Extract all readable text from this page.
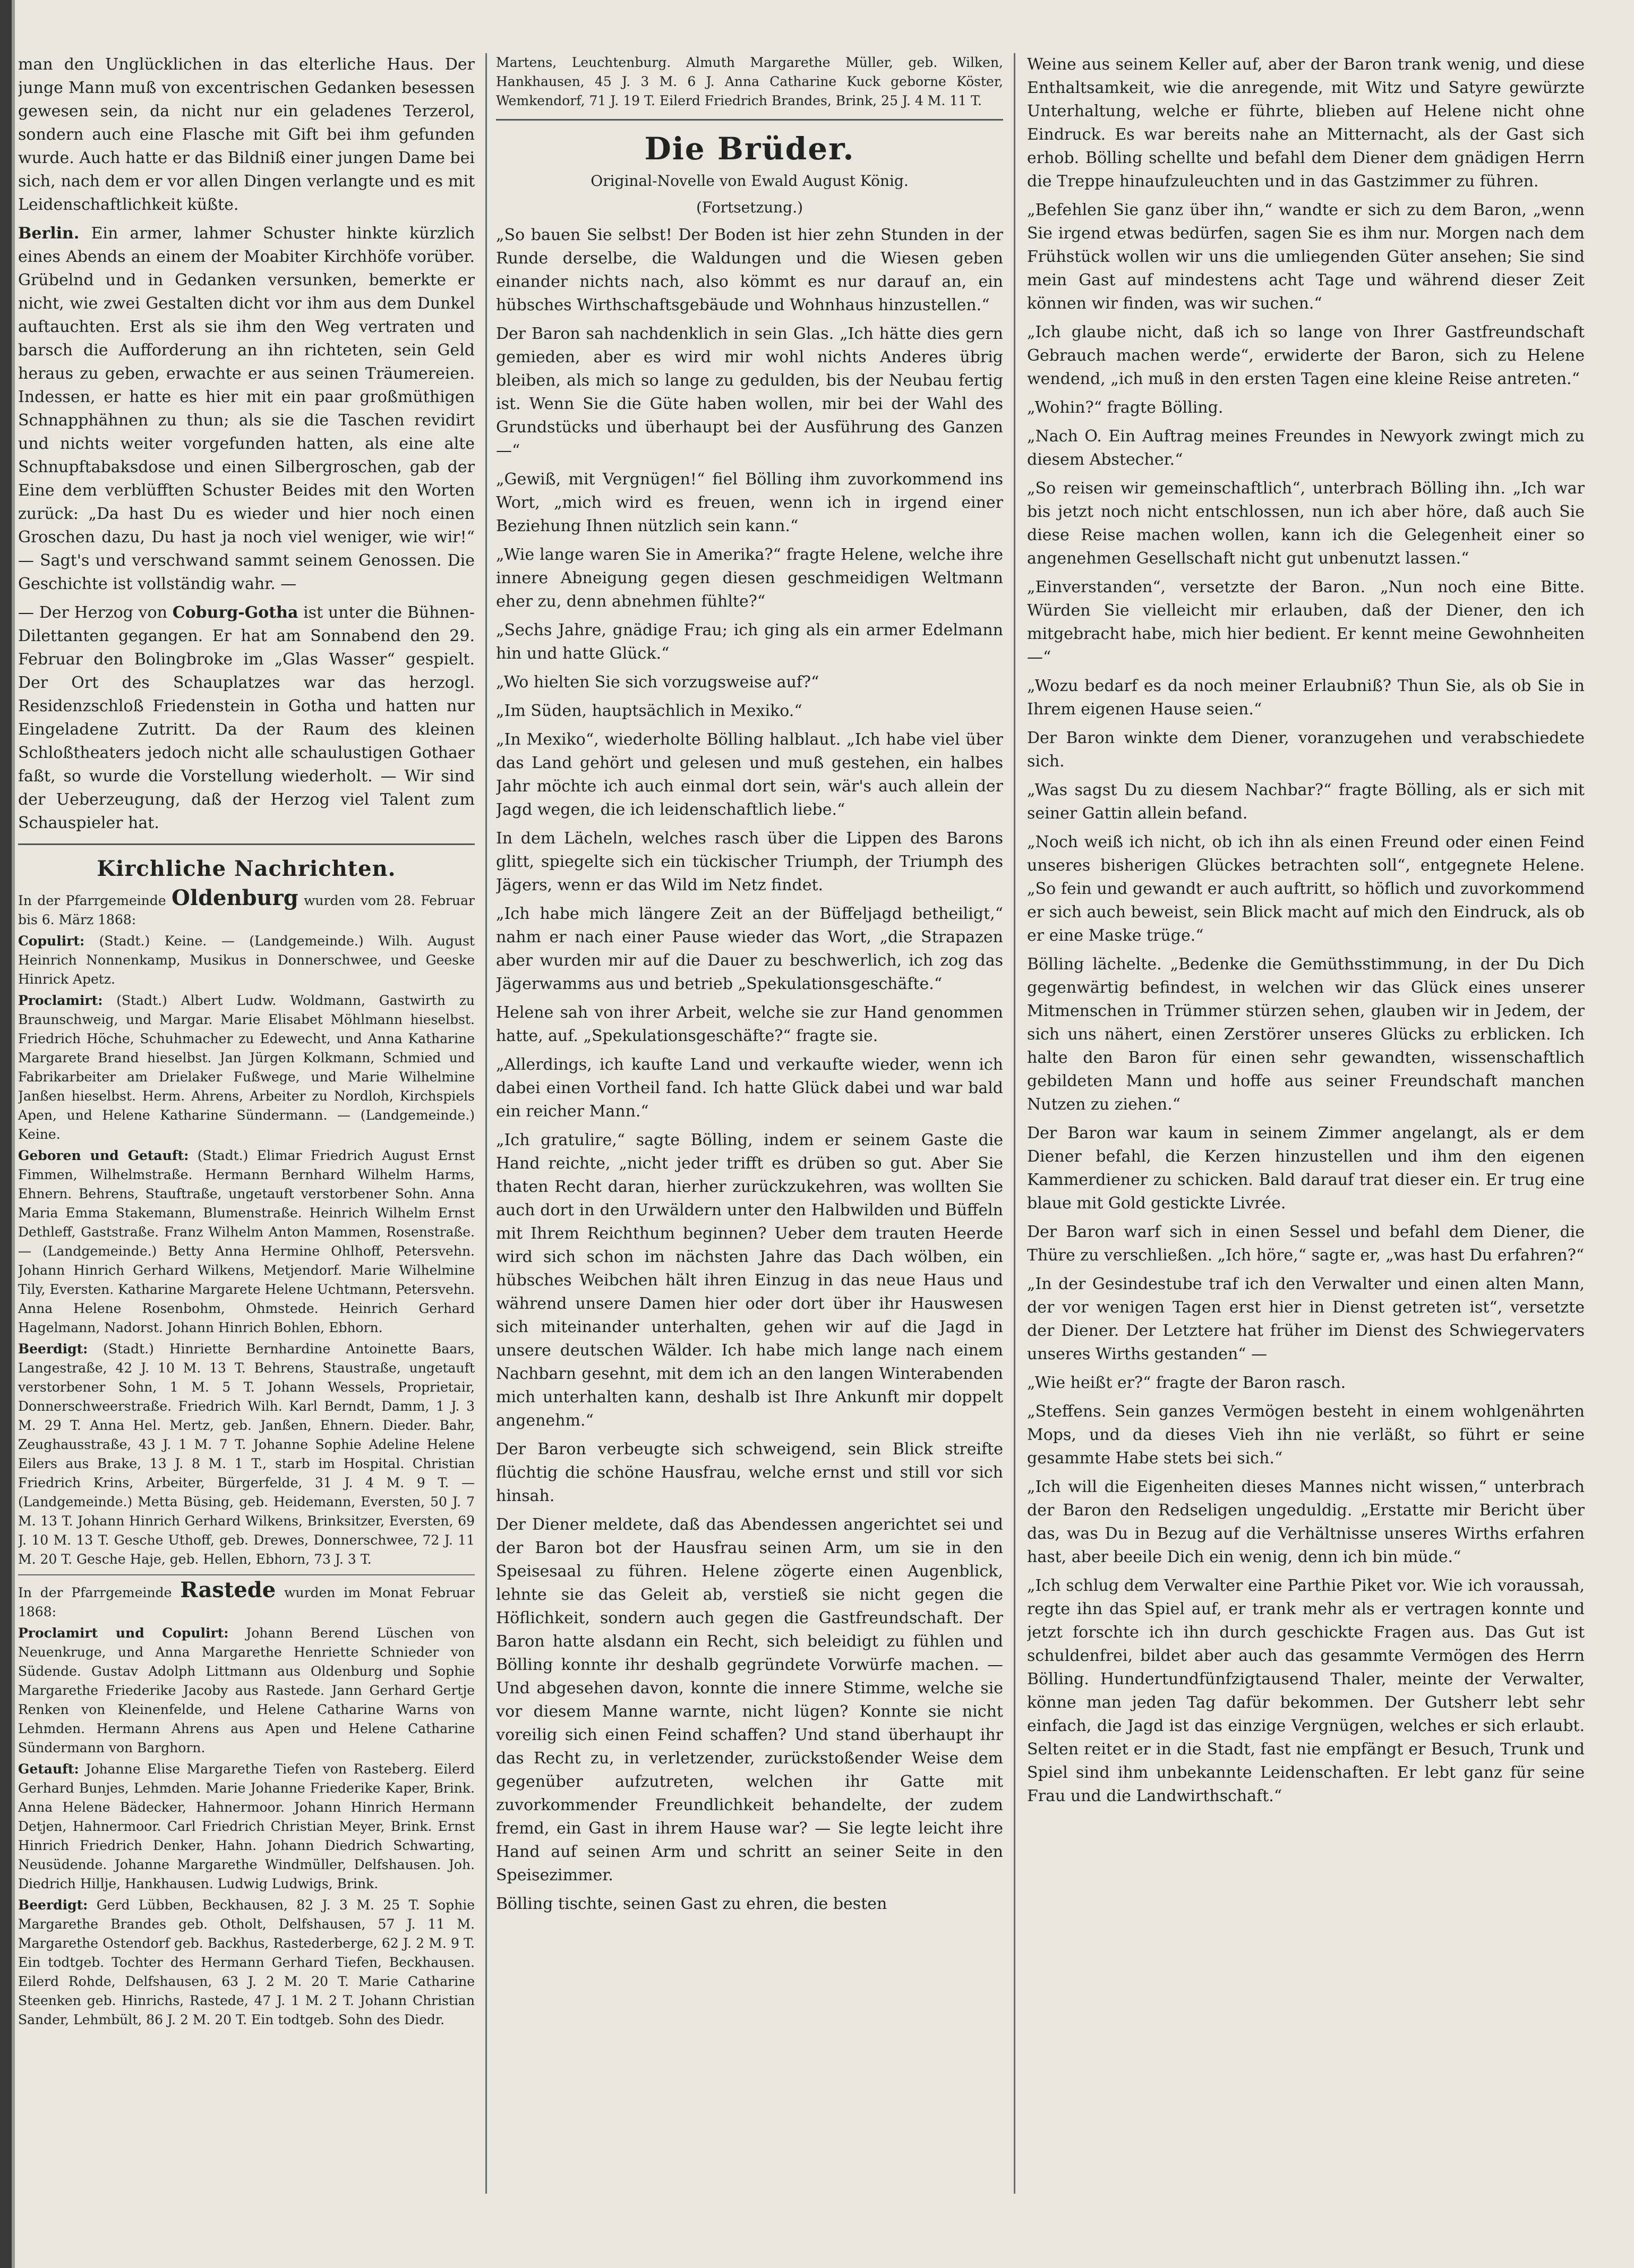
man den Unglücklichen in das elterliche Haus. Der junge Mann muß von excentrischen Gedanken besessen gewesen sein, da nicht nur ein geladenes Terzerol, sondern auch eine Flasche mit Gift bei ihm gefunden wurde. Auch hatte er das Bildniß einer jungen Dame bei sich, nach dem er vor allen Dingen verlangte und es mit Leidenschaftlichkeit küßte.

Berlin. Ein armer, lahmer Schuster hinkte kürzlich eines Abends an einem der Moabiter Kirchhöfe vorüber. Grübelnd und in Gedanken versunken, bemerkte er nicht, wie zwei Gestalten dicht vor ihm aus dem Dunkel auftauchten. Erst als sie ihm den Weg vertraten und barsch die Aufforderung an ihn richteten, sein Geld heraus zu geben, erwachte er aus seinen Träumereien. Indessen, er hatte es hier mit ein paar großmüthigen Schnapphähnen zu thun; als sie die Taschen revidirt und nichts weiter vorgefunden hatten, als eine alte Schnupftabaksdose und einen Silbergroschen, gab der Eine dem verblüfften Schuster Beides mit den Worten zurück: „Da hast Du es wieder und hier noch einen Groschen dazu, Du hast ja noch viel weniger, wie wir!“ — Sagt's und verschwand sammt seinem Genossen. Die Geschichte ist vollständig wahr. —

— Der Herzog von Coburg-Gotha ist unter die Bühnen-Dilettanten gegangen. Er hat am Sonnabend den 29. Februar den Bolingbroke im „Glas Wasser“ gespielt. Der Ort des Schauplatzes war das herzogl. Residenzschloß Friedenstein in Gotha und hatten nur Eingeladene Zutritt. Da der Raum des kleinen Schloßtheaters jedoch nicht alle schaulustigen Gothaer faßt, so wurde die Vorstellung wiederholt. — Wir sind der Ueberzeugung, daß der Herzog viel Talent zum Schauspieler hat.

Kirchliche Nachrichten.

In der Pfarrgemeinde Oldenburg wurden vom 28. Februar bis 6. März 1868:

Copulirt: (Stadt.) Keine. — (Landgemeinde.) Wilh. August Heinrich Nonnenkamp, Musikus in Donnerschwee, und Geeske Hinrick Apetz.

Proclamirt: (Stadt.) Albert Ludw. Woldmann, Gastwirth zu Braunschweig, und Margar. Marie Elisabet Möhlmann hieselbst. Friedrich Höche, Schuhmacher zu Edewecht, und Anna Katharine Margarete Brand hieselbst. Jan Jürgen Kolkmann, Schmied und Fabrikarbeiter am Drielaker Fußwege, und Marie Wilhelmine Janßen hieselbst. Herm. Ahrens, Arbeiter zu Nordloh, Kirchspiels Apen, und Helene Katharine Sündermann. — (Landgemeinde.) Keine.

Geboren und Getauft: (Stadt.) Elimar Friedrich August Ernst Fimmen, Wilhelmstraße. Hermann Bernhard Wilhelm Harms, Ehnern. Behrens, Stauftraße, ungetauft verstorbener Sohn. Anna Maria Emma Stakemann, Blumenstraße. Heinrich Wilhelm Ernst Dethleff, Gaststraße. Franz Wilhelm Anton Mammen, Rosenstraße. — (Landgemeinde.) Betty Anna Hermine Ohlhoff, Petersvehn. Johann Hinrich Gerhard Wilkens, Metjendorf. Marie Wilhelmine Tily, Eversten. Katharine Margarete Helene Uchtmann, Petersvehn. Anna Helene Rosenbohm, Ohmstede. Heinrich Gerhard Hagelmann, Nadorst. Johann Hinrich Bohlen, Ebhorn.

Beerdigt: (Stadt.) Hinriette Bernhardine Antoinette Baars, Langestraße, 42 J. 10 M. 13 T. Behrens, Staustraße, ungetauft verstorbener Sohn, 1 M. 5 T. Johann Wessels, Proprietair, Donnerschweerstraße. Friedrich Wilh. Karl Berndt, Damm, 1 J. 3 M. 29 T. Anna Hel. Mertz, geb. Janßen, Ehnern. Dieder. Bahr, Zeughausstraße, 43 J. 1 M. 7 T. Johanne Sophie Adeline Helene Eilers aus Brake, 13 J. 8 M. 1 T., starb im Hospital. Christian Friedrich Krins, Arbeiter, Bürgerfelde, 31 J. 4 M. 9 T. — (Landgemeinde.) Metta Büsing, geb. Heidemann, Eversten, 50 J. 7 M. 13 T. Johann Hinrich Gerhard Wilkens, Brinksitzer, Eversten, 69 J. 10 M. 13 T. Gesche Uthoff, geb. Drewes, Donnerschwee, 72 J. 11 M. 20 T. Gesche Haje, geb. Hellen, Ebhorn, 73 J. 3 T.

In der Pfarrgemeinde Rastede wurden im Monat Februar 1868:

Proclamirt und Copulirt: Johann Berend Lüschen von Neuenkruge, und Anna Margarethe Henriette Schnieder von Südende. Gustav Adolph Littmann aus Oldenburg und Sophie Margarethe Friederike Jacoby aus Rastede. Jann Gerhard Gertje Renken von Kleinenfelde, und Helene Catharine Warns von Lehmden. Hermann Ahrens aus Apen und Helene Catharine Sündermann von Barghorn.

Getauft: Johanne Elise Margarethe Tiefen von Rasteberg. Eilerd Gerhard Bunjes, Lehmden. Marie Johanne Friederike Kaper, Brink. Anna Helene Bädecker, Hahnermoor. Johann Hinrich Hermann Detjen, Hahnermoor. Carl Friedrich Christian Meyer, Brink. Ernst Hinrich Friedrich Denker, Hahn. Johann Diedrich Schwarting, Neusüdende. Johanne Margarethe Windmüller, Delfshausen. Joh. Diedrich Hillje, Hankhausen. Ludwig Ludwigs, Brink.

Beerdigt: Gerd Lübben, Beckhausen, 82 J. 3 M. 25 T. Sophie Margarethe Brandes geb. Otholt, Delfshausen, 57 J. 11 M. Margarethe Ostendorf geb. Backhus, Rastederberge, 62 J. 2 M. 9 T. Ein todtgeb. Tochter des Hermann Gerhard Tiefen, Beckhausen. Eilerd Rohde, Delfshausen, 63 J. 2 M. 20 T. Marie Catharine Steenken geb. Hinrichs, Rastede, 47 J. 1 M. 2 T. Johann Christian Sander, Lehmbült, 86 J. 2 M. 20 T. Ein todtgeb. Sohn des Diedr.

Martens, Leuchtenburg. Almuth Margarethe Müller, geb. Wilken, Hankhausen, 45 J. 3 M. 6 J. Anna Catharine Kuck geborne Köster, Wemkendorf, 71 J. 19 T. Eilerd Friedrich Brandes, Brink, 25 J. 4 M. 11 T.

Die Brüder.

Original-Novelle von Ewald August König.

(Fortsetzung.)

„So bauen Sie selbst! Der Boden ist hier zehn Stunden in der Runde derselbe, die Waldungen und die Wiesen geben einander nichts nach, also kömmt es nur darauf an, ein hübsches Wirthschaftsgebäude und Wohnhaus hinzustellen.“

Der Baron sah nachdenklich in sein Glas. „Ich hätte dies gern gemieden, aber es wird mir wohl nichts Anderes übrig bleiben, als mich so lange zu gedulden, bis der Neubau fertig ist. Wenn Sie die Güte haben wollen, mir bei der Wahl des Grundstücks und überhaupt bei der Ausführung des Ganzen —“

„Gewiß, mit Vergnügen!“ fiel Bölling ihm zuvorkommend ins Wort, „mich wird es freuen, wenn ich in irgend einer Beziehung Ihnen nützlich sein kann.“

„Wie lange waren Sie in Amerika?“ fragte Helene, welche ihre innere Abneigung gegen diesen geschmeidigen Weltmann eher zu, denn abnehmen fühlte?“

„Sechs Jahre, gnädige Frau; ich ging als ein armer Edelmann hin und hatte Glück.“

„Wo hielten Sie sich vorzugsweise auf?“

„Im Süden, hauptsächlich in Mexiko.“

„In Mexiko“, wiederholte Bölling halblaut. „Ich habe viel über das Land gehört und gelesen und muß gestehen, ein halbes Jahr möchte ich auch einmal dort sein, wär's auch allein der Jagd wegen, die ich leidenschaftlich liebe.“

In dem Lächeln, welches rasch über die Lippen des Barons glitt, spiegelte sich ein tückischer Triumph, der Triumph des Jägers, wenn er das Wild im Netz findet.

„Ich habe mich längere Zeit an der Büffeljagd betheiligt,“ nahm er nach einer Pause wieder das Wort, „die Strapazen aber wurden mir auf die Dauer zu beschwerlich, ich zog das Jägerwamms aus und betrieb „Spekulationsgeschäfte.“

Helene sah von ihrer Arbeit, welche sie zur Hand genommen hatte, auf. „Spekulationsgeschäfte?“ fragte sie.

„Allerdings, ich kaufte Land und verkaufte wieder, wenn ich dabei einen Vortheil fand. Ich hatte Glück dabei und war bald ein reicher Mann.“

„Ich gratulire,“ sagte Bölling, indem er seinem Gaste die Hand reichte, „nicht jeder trifft es drüben so gut. Aber Sie thaten Recht daran, hierher zurückzukehren, was wollten Sie auch dort in den Urwäldern unter den Halbwilden und Büffeln mit Ihrem Reichthum beginnen? Ueber dem trauten Heerde wird sich schon im nächsten Jahre das Dach wölben, ein hübsches Weibchen hält ihren Einzug in das neue Haus und während unsere Damen hier oder dort über ihr Hauswesen sich miteinander unterhalten, gehen wir auf die Jagd in unsere deutschen Wälder. Ich habe mich lange nach einem Nachbarn gesehnt, mit dem ich an den langen Winterabenden mich unterhalten kann, deshalb ist Ihre Ankunft mir doppelt angenehm.“

Der Baron verbeugte sich schweigend, sein Blick streifte flüchtig die schöne Hausfrau, welche ernst und still vor sich hinsah.

Der Diener meldete, daß das Abendessen angerichtet sei und der Baron bot der Hausfrau seinen Arm, um sie in den Speisesaal zu führen. Helene zögerte einen Augenblick, lehnte sie das Geleit ab, verstieß sie nicht gegen die Höflichkeit, sondern auch gegen die Gastfreundschaft. Der Baron hatte alsdann ein Recht, sich beleidigt zu fühlen und Bölling konnte ihr deshalb gegründete Vorwürfe machen. — Und abgesehen davon, konnte die innere Stimme, welche sie vor diesem Manne warnte, nicht lügen? Konnte sie nicht voreilig sich einen Feind schaffen? Und stand überhaupt ihr das Recht zu, in verletzender, zurückstoßender Weise dem gegenüber aufzutreten, welchen ihr Gatte mit zuvorkommender Freundlichkeit behandelte, der zudem fremd, ein Gast in ihrem Hause war? — Sie legte leicht ihre Hand auf seinen Arm und schritt an seiner Seite in den Speisezimmer.

Bölling tischte, seinen Gast zu ehren, die besten

Weine aus seinem Keller auf, aber der Baron trank wenig, und diese Enthaltsamkeit, wie die anregende, mit Witz und Satyre gewürzte Unterhaltung, welche er führte, blieben auf Helene nicht ohne Eindruck. Es war bereits nahe an Mitternacht, als der Gast sich erhob. Bölling schellte und befahl dem Diener dem gnädigen Herrn die Treppe hinaufzuleuchten und in das Gastzimmer zu führen.

„Befehlen Sie ganz über ihn,“ wandte er sich zu dem Baron, „wenn Sie irgend etwas bedürfen, sagen Sie es ihm nur. Morgen nach dem Frühstück wollen wir uns die umliegenden Güter ansehen; Sie sind mein Gast auf mindestens acht Tage und während dieser Zeit können wir finden, was wir suchen.“

„Ich glaube nicht, daß ich so lange von Ihrer Gastfreundschaft Gebrauch machen werde“, erwiderte der Baron, sich zu Helene wendend, „ich muß in den ersten Tagen eine kleine Reise antreten.“

„Wohin?“ fragte Bölling.

„Nach O. Ein Auftrag meines Freundes in Newyork zwingt mich zu diesem Abstecher.“

„So reisen wir gemeinschaftlich“, unterbrach Bölling ihn. „Ich war bis jetzt noch nicht entschlossen, nun ich aber höre, daß auch Sie diese Reise machen wollen, kann ich die Gelegenheit einer so angenehmen Gesellschaft nicht gut unbenutzt lassen.“

„Einverstanden“, versetzte der Baron. „Nun noch eine Bitte. Würden Sie vielleicht mir erlauben, daß der Diener, den ich mitgebracht habe, mich hier bedient. Er kennt meine Gewohnheiten —“

„Wozu bedarf es da noch meiner Erlaubniß? Thun Sie, als ob Sie in Ihrem eigenen Hause seien.“

Der Baron winkte dem Diener, voranzugehen und verabschiedete sich.

„Was sagst Du zu diesem Nachbar?“ fragte Bölling, als er sich mit seiner Gattin allein befand.

„Noch weiß ich nicht, ob ich ihn als einen Freund oder einen Feind unseres bisherigen Glückes betrachten soll“, entgegnete Helene. „So fein und gewandt er auch auftritt, so höflich und zuvorkommend er sich auch beweist, sein Blick macht auf mich den Eindruck, als ob er eine Maske trüge.“

Bölling lächelte. „Bedenke die Gemüthsstimmung, in der Du Dich gegenwärtig befindest, in welchen wir das Glück eines unserer Mitmenschen in Trümmer stürzen sehen, glauben wir in Jedem, der sich uns nähert, einen Zerstörer unseres Glücks zu erblicken. Ich halte den Baron für einen sehr gewandten, wissenschaftlich gebildeten Mann und hoffe aus seiner Freundschaft manchen Nutzen zu ziehen.“

Der Baron war kaum in seinem Zimmer angelangt, als er dem Diener befahl, die Kerzen hinzustellen und ihm den eigenen Kammerdiener zu schicken. Bald darauf trat dieser ein. Er trug eine blaue mit Gold gestickte Livrée.

Der Baron warf sich in einen Sessel und befahl dem Diener, die Thüre zu verschließen. „Ich höre,“ sagte er, „was hast Du erfahren?“

„In der Gesindestube traf ich den Verwalter und einen alten Mann, der vor wenigen Tagen erst hier in Dienst getreten ist“, versetzte der Diener. Der Letztere hat früher im Dienst des Schwiegervaters unseres Wirths gestanden“ —

„Wie heißt er?“ fragte der Baron rasch.

„Steffens. Sein ganzes Vermögen besteht in einem wohlgenährten Mops, und da dieses Vieh ihn nie verläßt, so führt er seine gesammte Habe stets bei sich.“

„Ich will die Eigenheiten dieses Mannes nicht wissen,“ unterbrach der Baron den Redseligen ungeduldig. „Erstatte mir Bericht über das, was Du in Bezug auf die Verhältnisse unseres Wirths erfahren hast, aber beeile Dich ein wenig, denn ich bin müde.“

„Ich schlug dem Verwalter eine Parthie Piket vor. Wie ich voraussah, regte ihn das Spiel auf, er trank mehr als er vertragen konnte und jetzt forschte ich ihn durch geschickte Fragen aus. Das Gut ist schuldenfrei, bildet aber auch das gesammte Vermögen des Herrn Bölling. Hundertundfünfzigtausend Thaler, meinte der Verwalter, könne man jeden Tag dafür bekommen. Der Gutsherr lebt sehr einfach, die Jagd ist das einzige Vergnügen, welches er sich erlaubt. Selten reitet er in die Stadt, fast nie empfängt er Besuch, Trunk und Spiel sind ihm unbekannte Leidenschaften. Er lebt ganz für seine Frau und die Landwirthschaft.“
